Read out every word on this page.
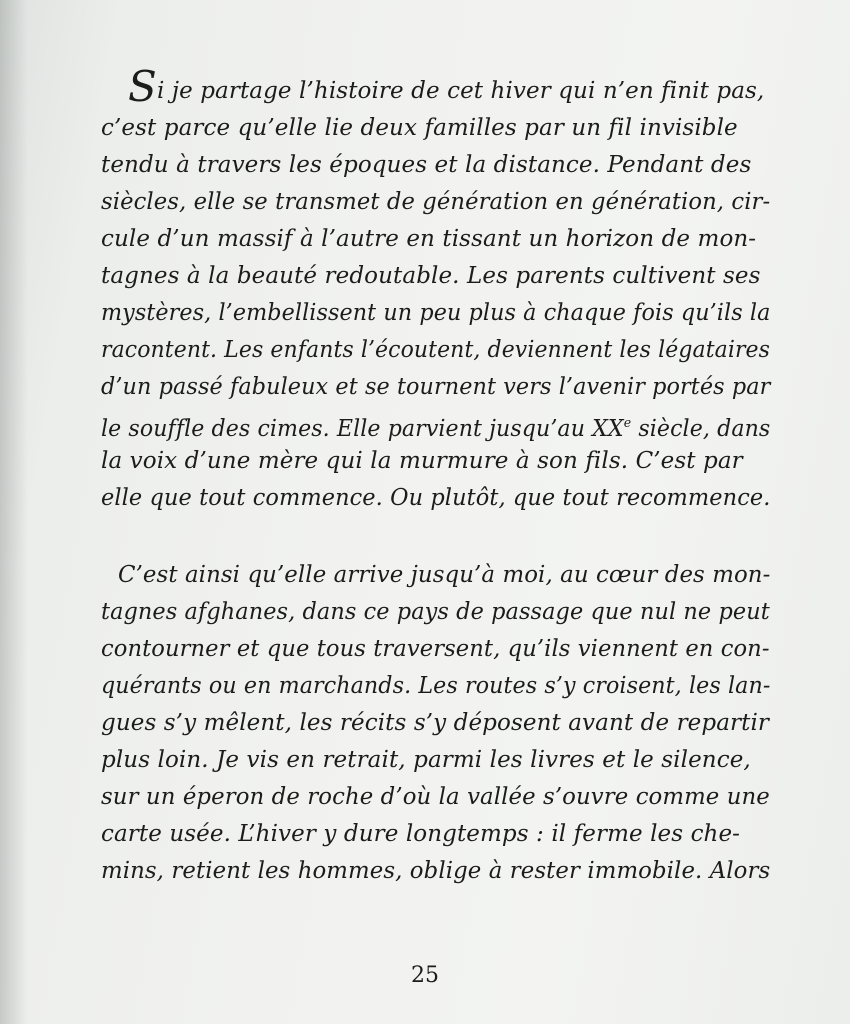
S i je partage l’histoire de cet hiver qui n’en finit pas,
c’est parce qu’elle lie deux familles par un fil invisible
tendu à travers les époques et la distance. Pendant des
siècles, elle se transmet de génération en génération, cir-
cule d’un massif à l’autre en tissant un horizon de mon-
tagnes à la beauté redoutable. Les parents cultivent ses
mystères, l’embellissent un peu plus à chaque fois qu’ils la
racontent. Les enfants l’écoutent, deviennent les légataires
d’un passé fabuleux et se tournent vers l’avenir portés par
le souffle des cimes. Elle parvient jusqu’au XXe siècle, dans
la voix d’une mère qui la murmure à son fils. C’est par
elle que tout commence. Ou plutôt, que tout recommence.
C’est ainsi qu’elle arrive jusqu’à moi, au cœur des mon-
tagnes afghanes, dans ce pays de passage que nul ne peut
contourner et que tous traversent, qu’ils viennent en con-
quérants ou en marchands. Les routes s’y croisent, les lan-
gues s’y mêlent, les récits s’y déposent avant de repartir
plus loin. Je vis en retrait, parmi les livres et le silence,
sur un éperon de roche d’où la vallée s’ouvre comme une
carte usée. L’hiver y dure longtemps : il ferme les che-
mins, retient les hommes, oblige à rester immobile. Alors
25
